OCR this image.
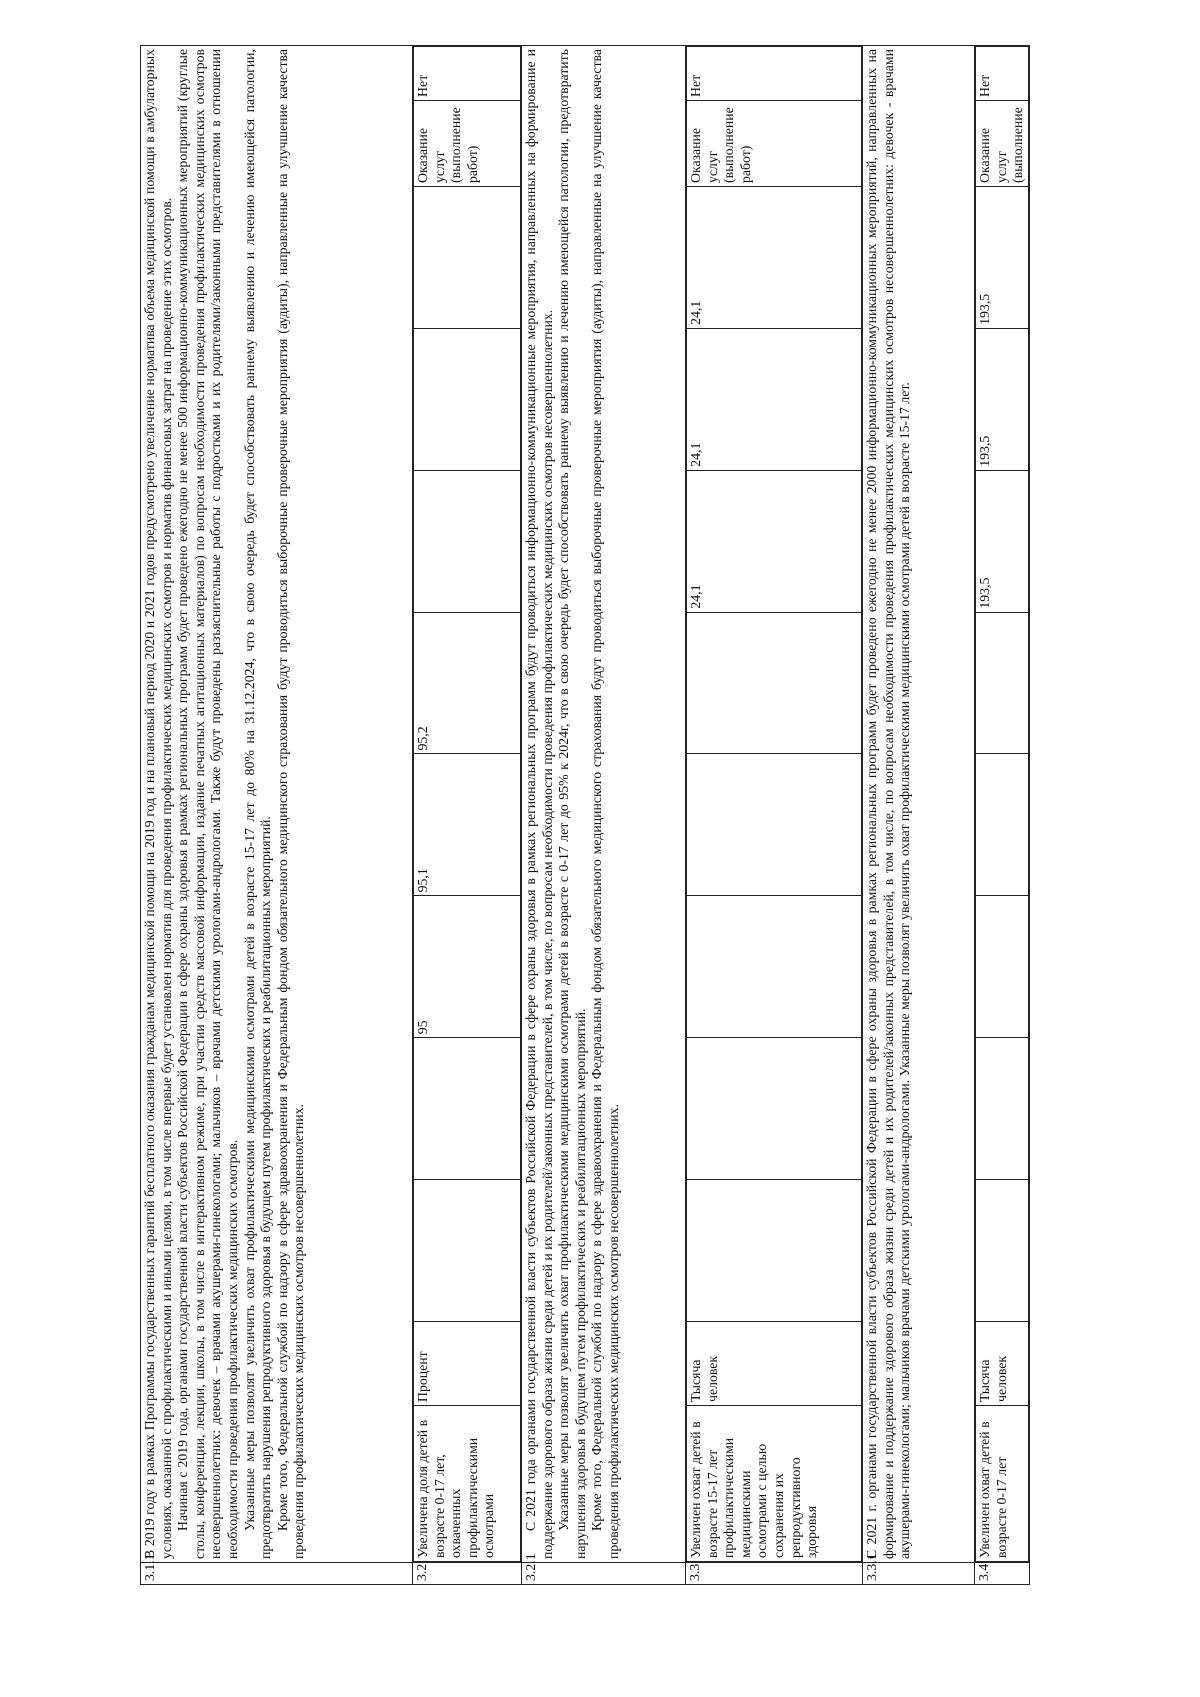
3.1.1	

В 2019 году в рамках Программы государственных гарантий бесплатного оказания гражданам медицинской помощи на 2019 год и на плановый период 2020 и 2021 годов предусмотрено увеличение норматива объема медицинской помощи в амбулаторных условиях, оказанной с профилактическими и иными целями, в том числе впервые будет установлен норматив для проведения профилактических медицинских осмотров и норматив финансовых затрат на проведение этих осмотров. Начиная с 2019 года, органами государственной власти субъектов Российской Федерации в сфере охраны здоровья в рамках региональных программ будет проведено ежегодно не менее 500 информационно-коммуникационных мероприятий (круглые столы, конференции, лекции, школы, в том числе в интерактивном режиме, при участии средств массовой информации, издание печатных агитационных материалов) по вопросам необходимости проведения профилактических медицинских осмотров несовершеннолетних: девочек – врачами акушерами-гинекологами; мальчиков – врачами детскими урологами-андрологами. Также будут проведены разъяснительные работы с подростками и их родителями/законными представителями в отношении необходимости проведения профилактических медицинских осмотров. Указанные меры позволят увеличить охват профилактическими медицинскими осмотрами детей в возрасте 15-17 лет до 80% на 31.12.2024, что в свою очередь будет способствовать раннему выявлению и лечению имеющейся патологии, предотвратить нарушения репродуктивного здоровья в будущем путем профилактических и реабилитационных мероприятий. Кроме того, Федеральной службой по надзору в сфере здравоохранения и Федеральным фондом обязательного медицинского страхования будут проводиться выборочные проверочные мероприятия (аудиты), направленные на улучшение качества проведения профилактических медицинских осмотров несовершеннолетних.

3.2	
Увеличена доля детей в возрасте 0-17 лет, охваченных профилактическими осмотрами	Процент			95	95,1	95,2				Оказание услуг (выполнение работ)	Нет

3.2.1	

С 2021 года органами государственной власти субъектов Российской Федерации в сфере охраны здоровья в рамках региональных программ будут проводиться информационно-коммуникационные мероприятия, направленных на формирование и поддержание здорового образа жизни среди детей и их родителей/законных представителей, в том числе, по вопросам необходимости проведения профилактических медицинских осмотров несовершеннолетних. Указанные меры позволят увеличить охват профилактическими медицинскими осмотрами детей в возрасте с 0-17 лет до 95% к 2024г, что в свою очередь будет способствовать раннему выявлению и лечению имеющейся патологии, предотвратить нарушения здоровья в будущем путем профилактических и реабилитационных мероприятий. Кроме того, Федеральной службой по надзору в сфере здравоохранения и Федеральным фондом обязательного медицинского страхования будут проводиться выборочные проверочные мероприятия (аудиты), направленные на улучшение качества проведения профилактических медицинских осмотров несовершеннолетних.

3.3	
Увеличен охват детей в возрасте 15-17 лет профилактическими медицинскими осмотрами с целью сохранения их репродуктивного здоровья	Тысяча человек						24,1	24,1	24,1	Оказание услуг (выполнение работ)	Нет

3.3.1	

С 2021 г. органами государственной власти субъектов Российской Федерации в сфере охраны здоровья в рамках региональных программ будет проведено ежегодно не менее 2000 информационно-коммуникационных мероприятий, направленных на формирование и поддержание здорового образа жизни среди детей и их родителей/законных представителей, в том числе, по вопросам необходимости проведения профилактических медицинских осмотров несовершеннолетних: девочек - врачами акушерами-гинекологами; мальчиков врачами детскими урологами-андрологами. Указанные меры позволят увеличить охват профилактическими медицинскими осмотрами детей в возрасте 15-17 лет.

3.4	
Увеличен охват детей в возрасте 0-17 лет	Тысяча человек						193,5	193,5	193,5	Оказание услуг (выполнение	Нет
